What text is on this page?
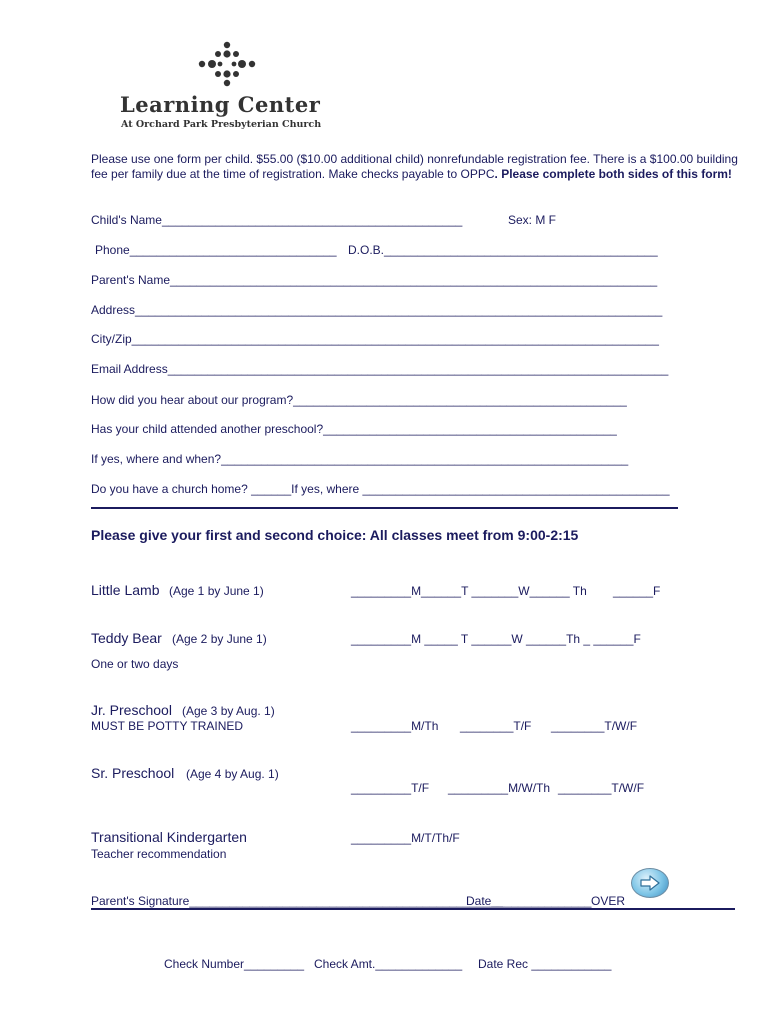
Learning Center
At Orchard Park Presbyterian Church
Please use one form per child. $55.00 ($10.00 additional child) nonrefundable registration fee. There is a $100.00 building fee per family due at the time of registration. Make checks payable to OPPC. Please complete both sides of this form!
Child's Name_____________________________________________	Sex: M F
Phone_______________________________ D.O.B._________________________________________
Parent's Name_________________________________________________________________________
Address_______________________________________________________________________________
City/Zip_______________________________________________________________________________
Email Address___________________________________________________________________________
How did you hear about our program?__________________________________________________
Has your child attended another preschool?____________________________________________
If yes, where and when?_____________________________________________________________
Do you have a church home? ______If yes, where ______________________________________________
Please give your first and second choice: All classes meet from 9:00-2:15
Little Lamb (Age 1 by June 1)	_________M______T _______W______ Th ______F
Teddy Bear (Age 2 by June 1)	_________M _____ T ______W ______Th _ ______F
One or two days
Jr. Preschool (Age 3 by Aug. 1)
MUST BE POTTY TRAINED	_________M/Th ________T/F ________T/W/F
Sr. Preschool (Age 4 by Aug. 1)
_________T/F _________M/W/Th ________T/W/F
Transitional Kindergarten	_________M/T/Th/F
Teacher recommendation
Parent's Signature_______________________________________________
Date_______________ OVER
Check Number_________ Check Amt._____________ Date Rec ____________
